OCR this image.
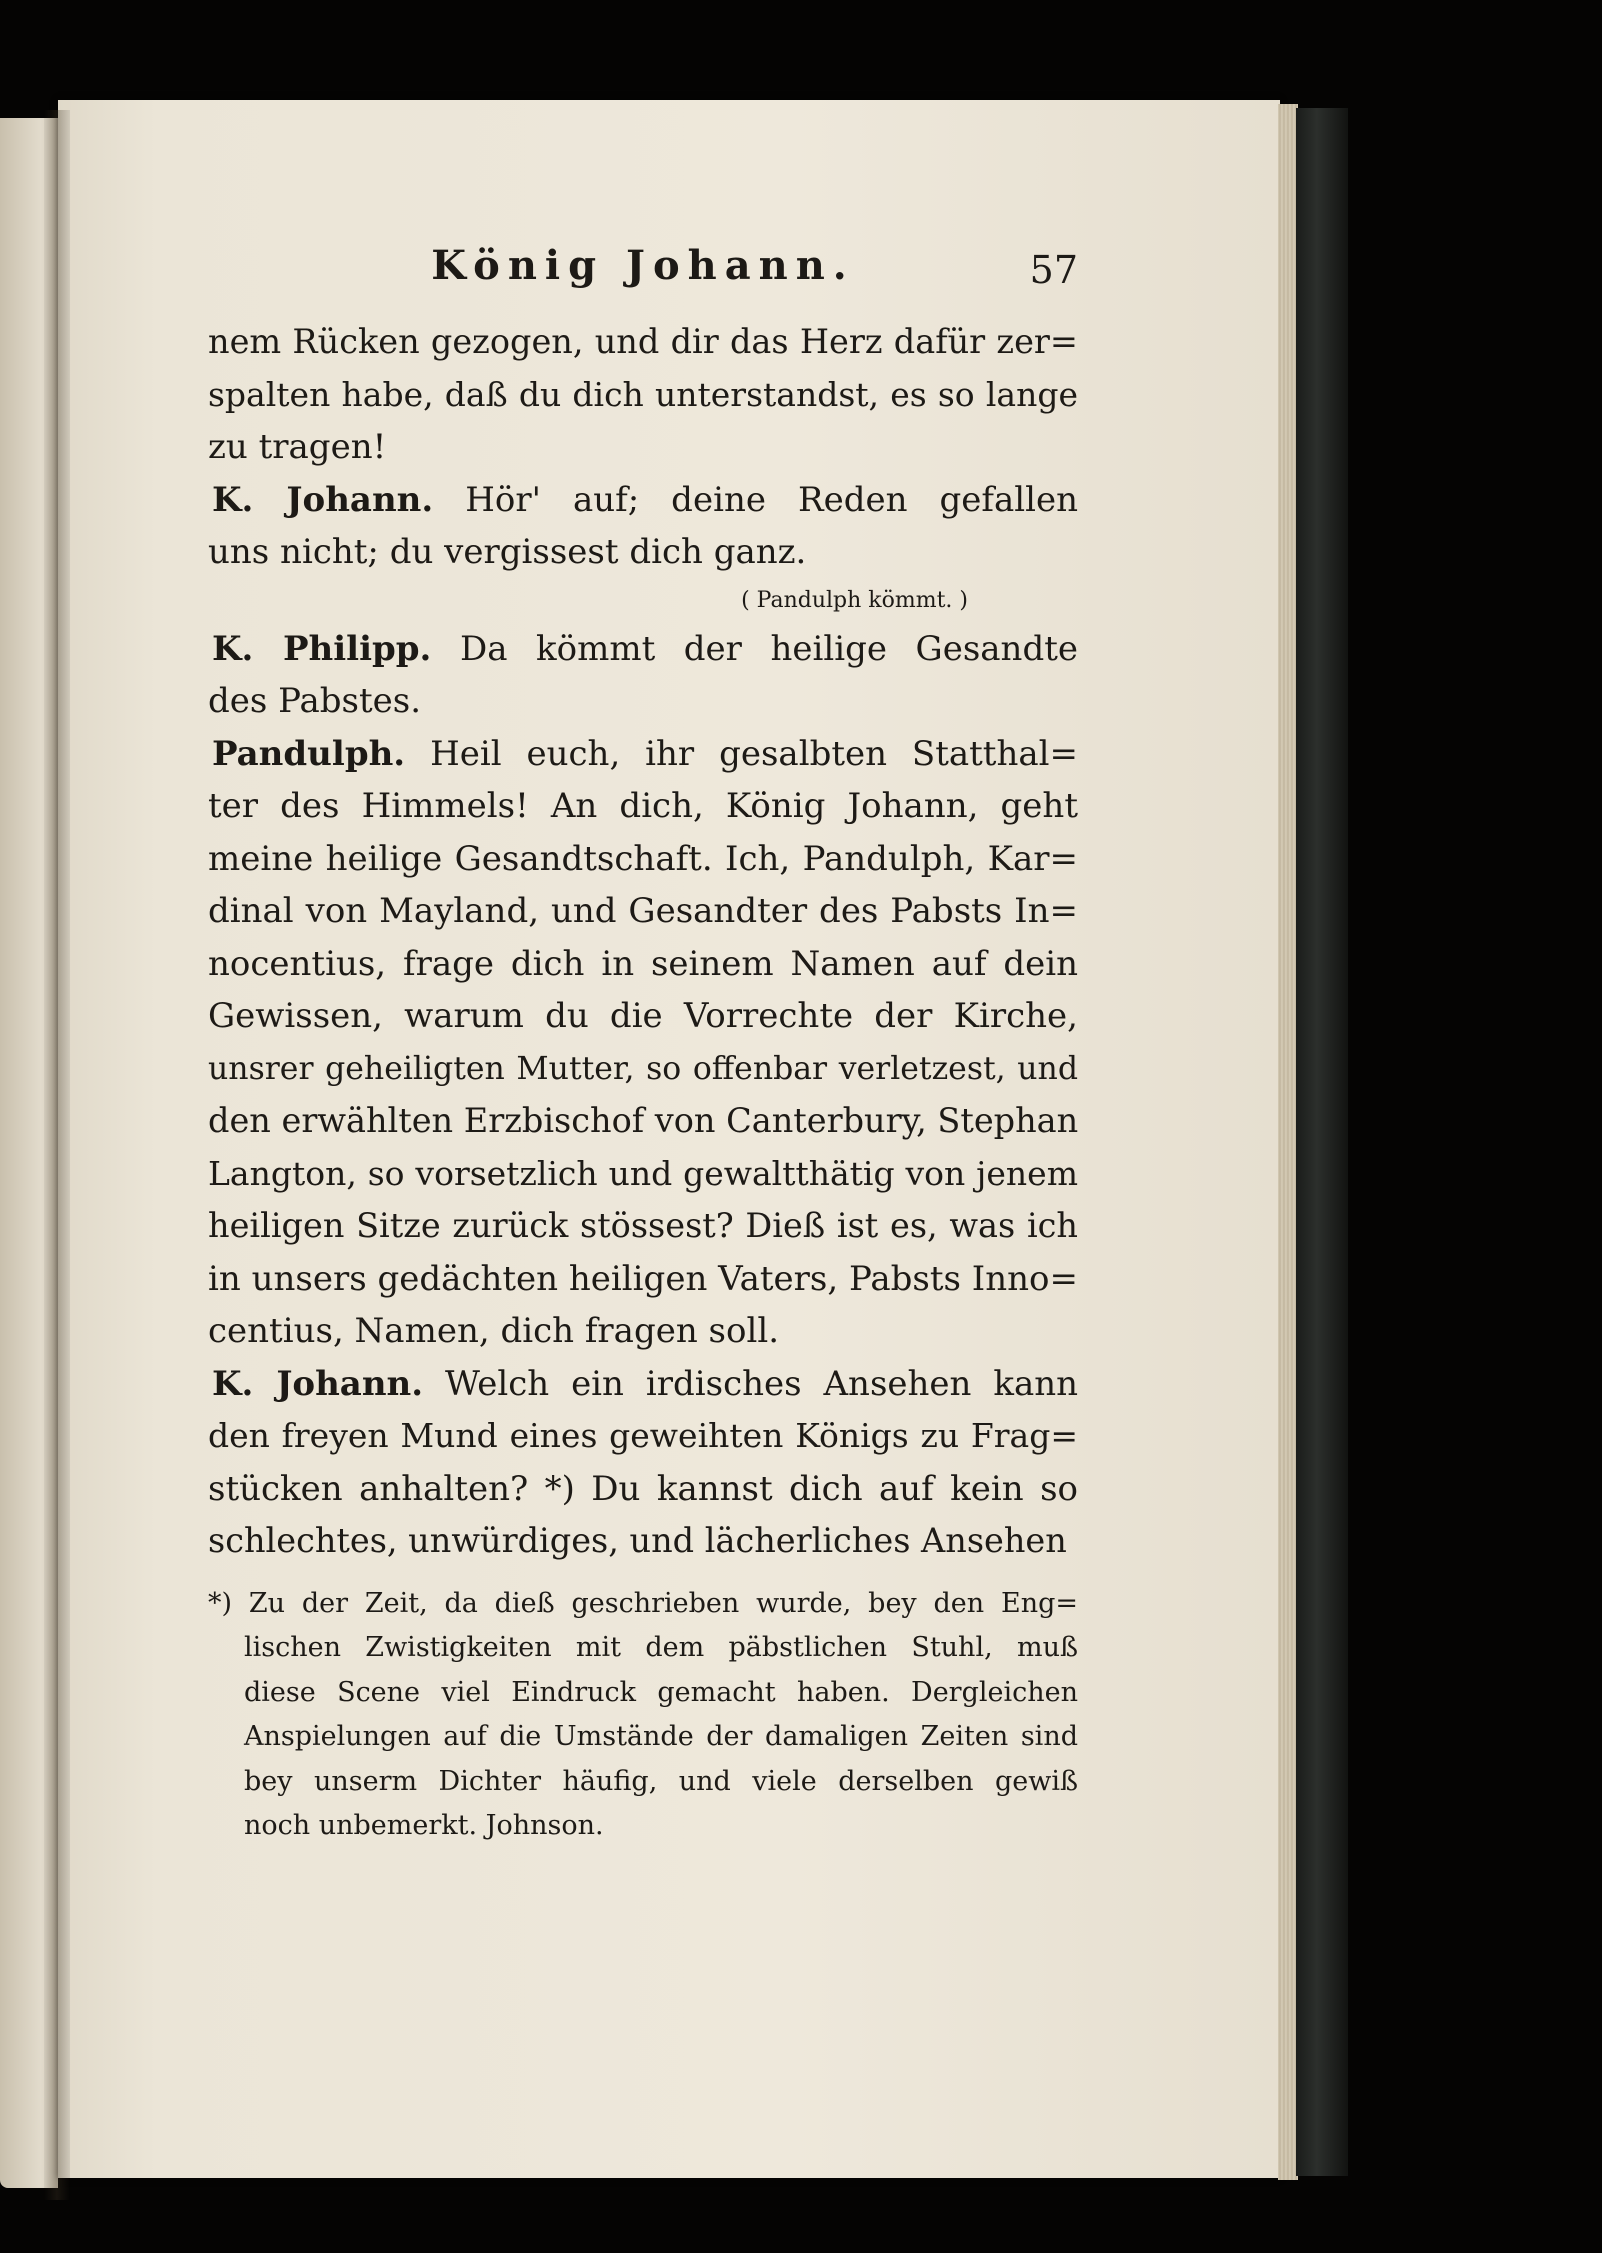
König Johann.	57
nem Rücken gezogen, und dir das Herz dafür zer=
spalten habe, daß du dich unterstandst, es so lange
zu tragen!
K. Johann. Hör' auf; deine Reden gefallen
uns nicht; du vergissest dich ganz.
( Pandulph kömmt. )
K. Philipp. Da kömmt der heilige Gesandte
des Pabstes.
Pandulph. Heil euch, ihr gesalbten Statthal=
ter des Himmels! An dich, König Johann, geht
meine heilige Gesandtschaft. Ich, Pandulph, Kar=
dinal von Mayland, und Gesandter des Pabsts In=
nocentius, frage dich in seinem Namen auf dein
Gewissen, warum du die Vorrechte der Kirche,
unsrer geheiligten Mutter, so offenbar verletzest, und
den erwählten Erzbischof von Canterbury, Stephan
Langton, so vorsetzlich und gewaltthätig von jenem
heiligen Sitze zurück stössest? Dieß ist es, was ich
in unsers gedächten heiligen Vaters, Pabsts Inno=
centius, Namen, dich fragen soll.
K. Johann. Welch ein irdisches Ansehen kann
den freyen Mund eines geweihten Königs zu Frag=
stücken anhalten? *) Du kannst dich auf kein so
schlechtes, unwürdiges, und lächerliches Ansehen
*) Zu der Zeit, da dieß geschrieben wurde, bey den Eng=
lischen Zwistigkeiten mit dem päbstlichen Stuhl, muß
diese Scene viel Eindruck gemacht haben. Dergleichen
Anspielungen auf die Umstände der damaligen Zeiten sind
bey unserm Dichter häufig, und viele derselben gewiß
noch unbemerkt. Johnson.
